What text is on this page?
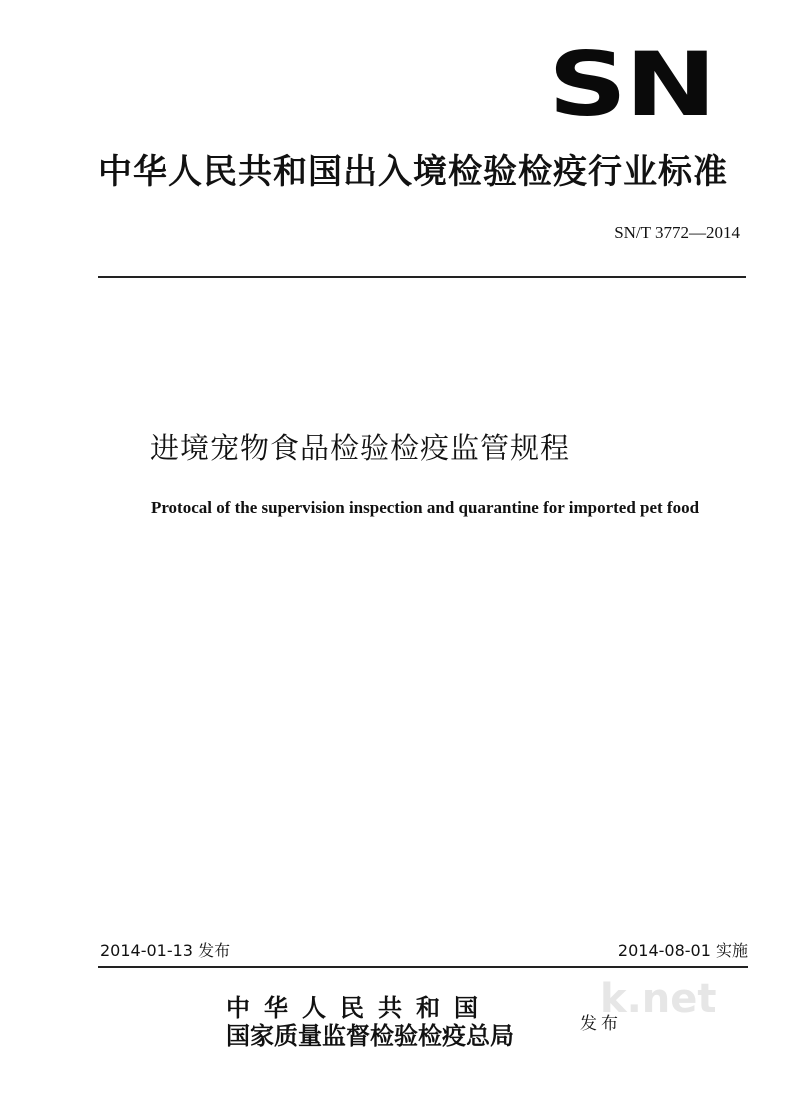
SN
中华人民共和国出入境检验检疫行业标准
SN/T 3772—2014
进境宠物食品检验检疫监管规程
Protocal of the supervision inspection and quarantine for imported pet food
2014-01-13 发布	2014-08-01 实施
k.net
中华人民共和国
国家质量监督检验检疫总局	发布
